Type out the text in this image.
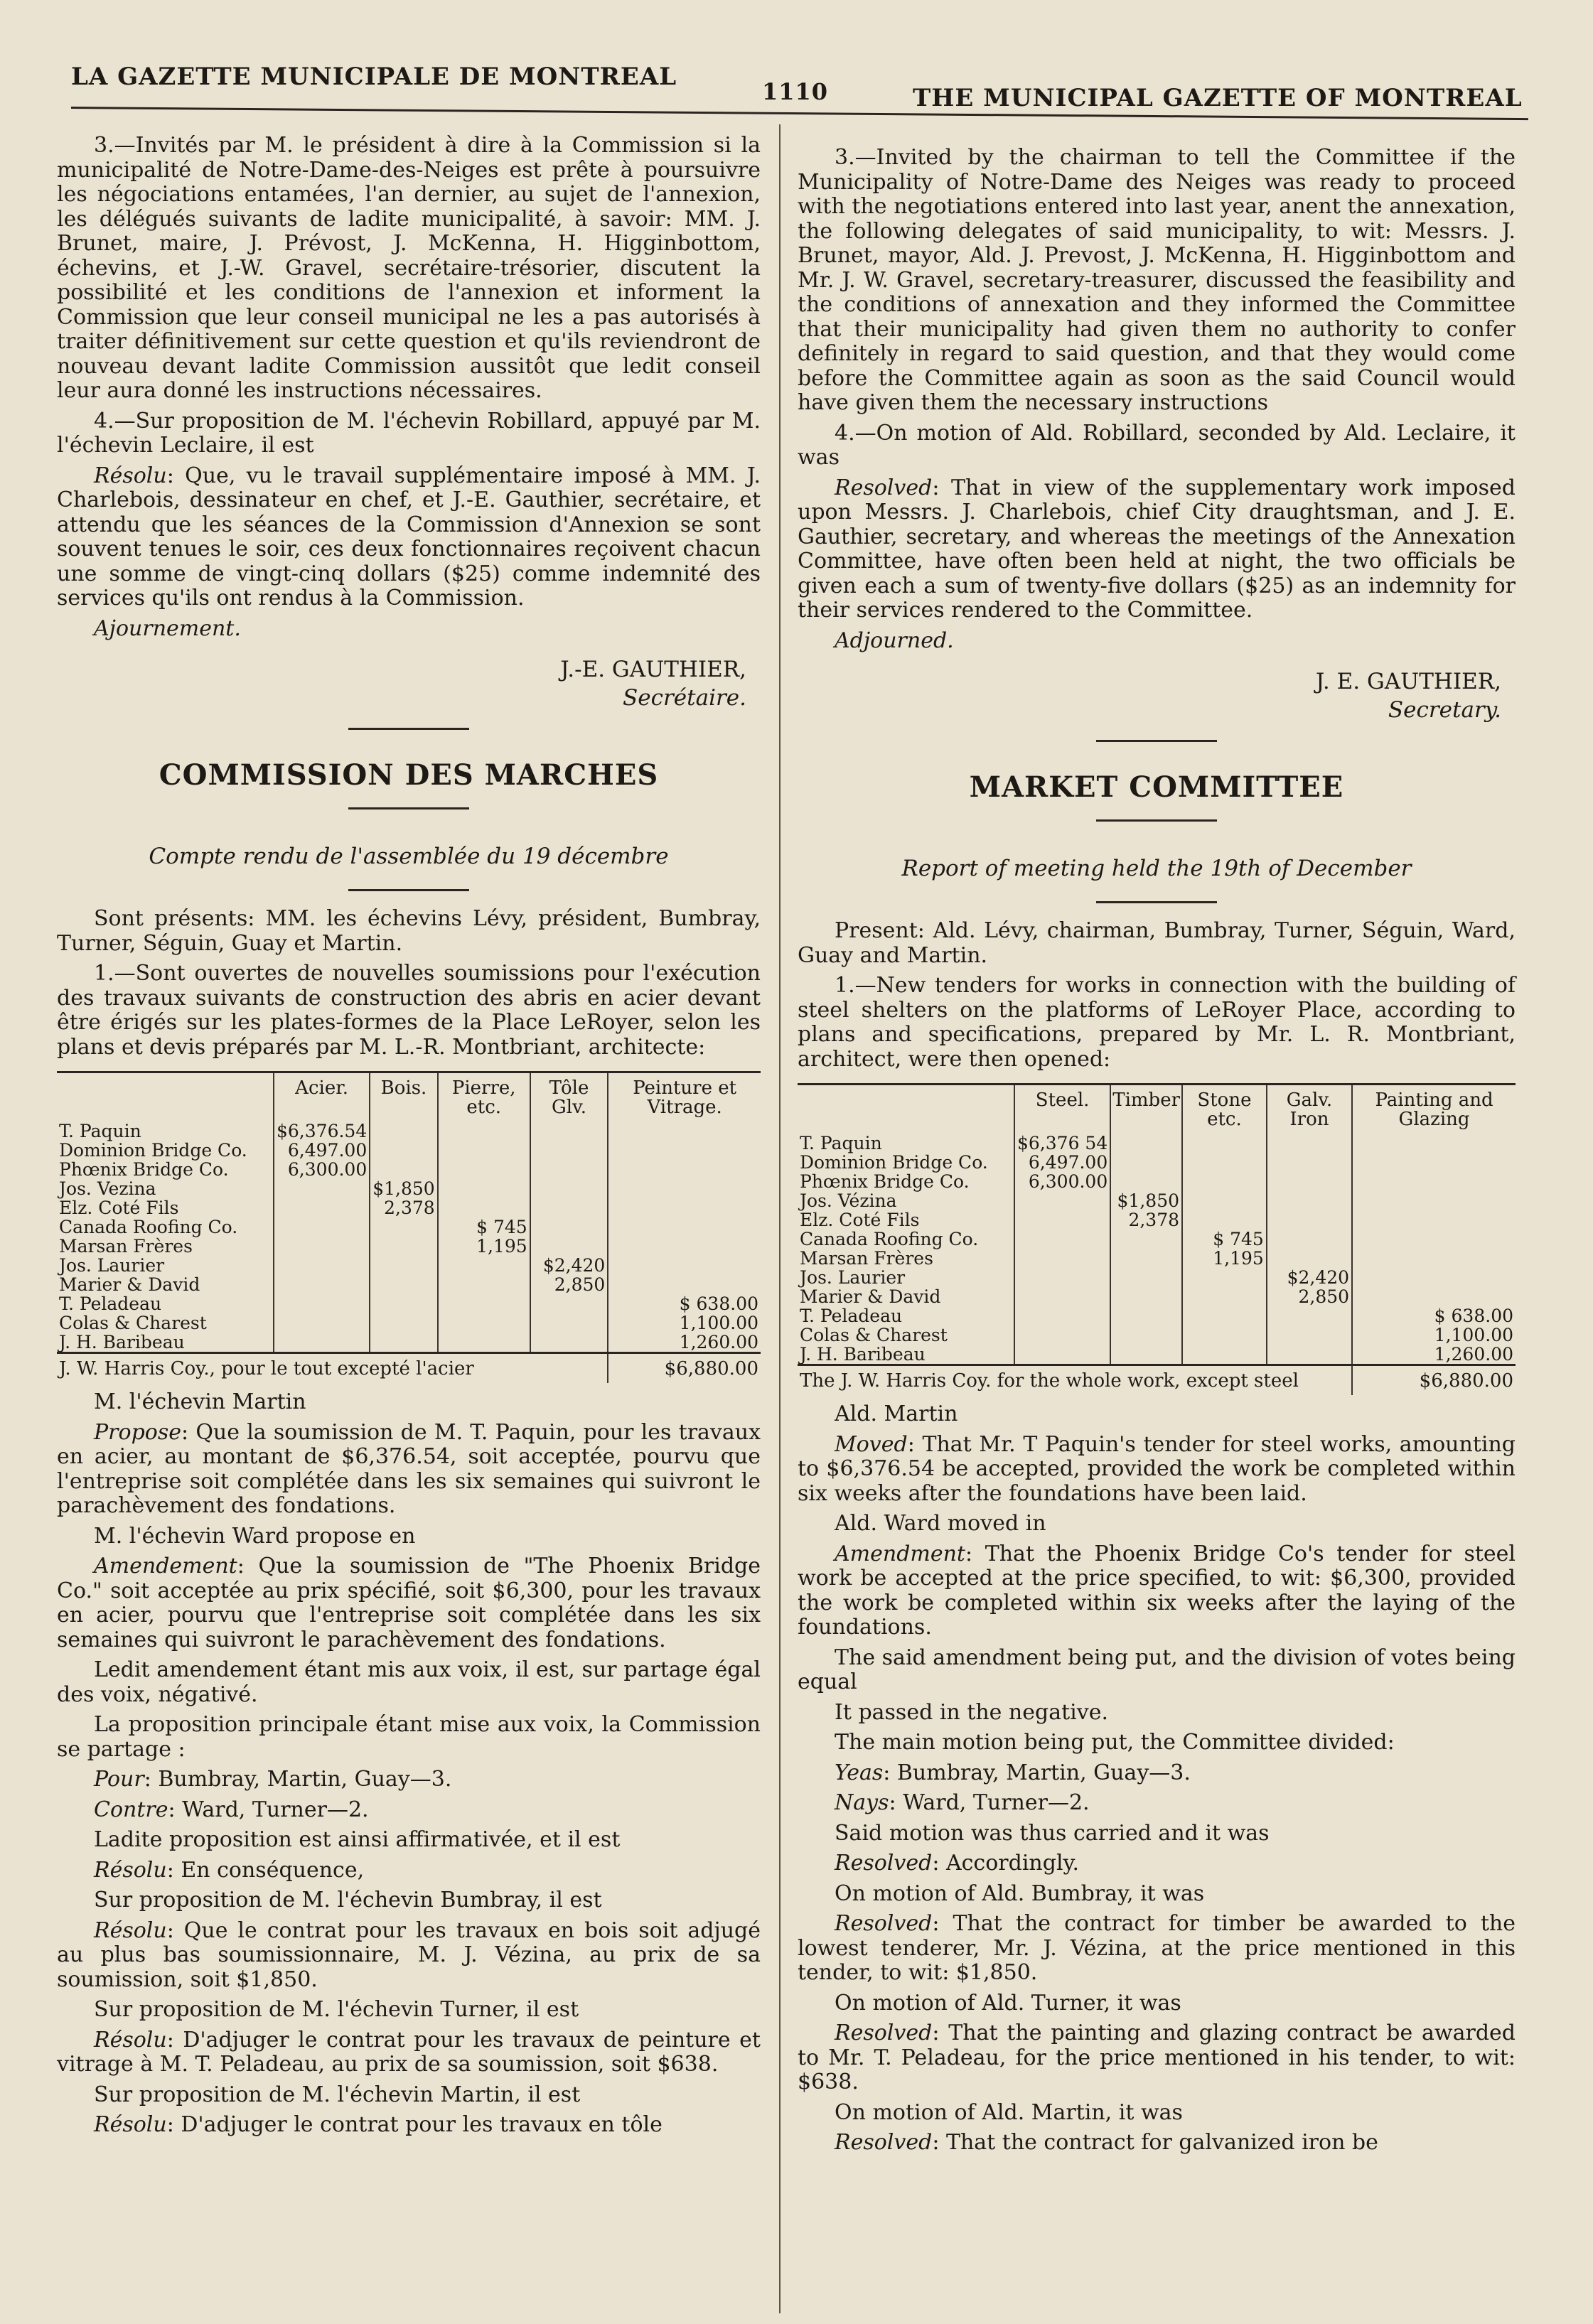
LA GAZETTE MUNICIPALE DE MONTREAL
1110	THE MUNICIPAL GAZETTE OF MONTREAL

3.—Invités par M. le président à dire à la Commission si la municipalité de Notre-Dame-des-Neiges est prête à poursuivre les négociations entamées, l'an dernier, au sujet de l'annexion, les délégués suivants de ladite municipalité, à savoir: MM. J. Brunet, maire, J. Prévost, J. McKenna, H. Higginbottom, échevins, et J.-W. Gravel, secrétaire-trésorier, discutent la possibilité et les conditions de l'annexion et informent la Commission que leur conseil municipal ne les a pas autorisés à traiter définitivement sur cette question et qu'ils reviendront de nouveau devant ladite Commission aussitôt que ledit conseil leur aura donné les instructions nécessaires.

4.—Sur proposition de M. l'échevin Robillard, appuyé par M. l'échevin Leclaire, il est

Résolu: Que, vu le travail supplémentaire imposé à MM. J. Charlebois, dessinateur en chef, et J.-E. Gauthier, secrétaire, et attendu que les séances de la Commission d'Annexion se sont souvent tenues le soir, ces deux fonctionnaires reçoivent chacun une somme de vingt-cinq dollars ($25) comme indemnité des services qu'ils ont rendus à la Commission.

Ajournement.

J.-E. GAUTHIER,
Secrétaire.
COMMISSION DES MARCHES
Compte rendu de l'assemblée du 19 décembre

Sont présents: MM. les échevins Lévy, président, Bumbray, Turner, Séguin, Guay et Martin.

1.—Sont ouvertes de nouvelles soumissions pour l'exécution des travaux suivants de construction des abris en acier devant être érigés sur les plates-formes de la Place LeRoyer, selon les plans et devis préparés par M. L.-R. Montbriant, architecte:

	Acier.	Bois.	Pierre, etc.	Tôle Glv.	Peinture et Vitrage.
T. Paquin	$6,376.54				
Dominion Bridge Co.	6,497.00				
Phœnix Bridge Co.	6,300.00				
Jos. Vezina		$1,850			
Elz. Coté Fils		2,378			
Canada Roofing Co.			$ 745		
Marsan Frères			1,195		
Jos. Laurier				$2,420	
Marier & David				2,850	
T. Peladeau					$ 638.00
Colas & Charest					1,100.00
J. H. Baribeau					1,260.00
J. W. Harris Coy., pour le tout excepté l'acier					$6,880.00

M. l'échevin Martin

Propose: Que la soumission de M. T. Paquin, pour les travaux en acier, au montant de $6,376.54, soit acceptée, pourvu que l'entreprise soit complétée dans les six semaines qui suivront le parachèvement des fondations.

M. l'échevin Ward propose en

Amendement: Que la soumission de "The Phoenix Bridge Co." soit acceptée au prix spécifié, soit $6,300, pour les travaux en acier, pourvu que l'entreprise soit complétée dans les six semaines qui suivront le parachèvement des fondations.

Ledit amendement étant mis aux voix, il est, sur partage égal des voix, négativé.

La proposition principale étant mise aux voix, la Commission se partage :

Pour: Bumbray, Martin, Guay—3.

Contre: Ward, Turner—2.

Ladite proposition est ainsi affirmativée, et il est

Résolu: En conséquence,

Sur proposition de M. l'échevin Bumbray, il est

Résolu: Que le contrat pour les travaux en bois soit adjugé au plus bas soumissionnaire, M. J. Vézina, au prix de sa soumission, soit $1,850.

Sur proposition de M. l'échevin Turner, il est

Résolu: D'adjuger le contrat pour les travaux de peinture et vitrage à M. T. Peladeau, au prix de sa soumission, soit $638.

Sur proposition de M. l'échevin Martin, il est

Résolu: D'adjuger le contrat pour les travaux en tôle

3.—Invited by the chairman to tell the Committee if the Municipality of Notre-Dame des Neiges was ready to proceed with the negotiations entered into last year, anent the annexation, the following delegates of said municipality, to wit: Messrs. J. Brunet, mayor, Ald. J. Prevost, J. McKenna, H. Higginbottom and Mr. J. W. Gravel, secretary-treasurer, discussed the feasibility and the conditions of annexation and they informed the Committee that their municipality had given them no authority to confer definitely in regard to said question, and that they would come before the Committee again as soon as the said Council would have given them the necessary instructions

4.—On motion of Ald. Robillard, seconded by Ald. Leclaire, it was

Resolved: That in view of the supplementary work imposed upon Messrs. J. Charlebois, chief City draughtsman, and J. E. Gauthier, secretary, and whereas the meetings of the Annexation Committee, have often been held at night, the two officials be given each a sum of twenty-five dollars ($25) as an indemnity for their services rendered to the Committee.

Adjourned.

J. E. GAUTHIER,
Secretary.
MARKET COMMITTEE
Report of meeting held the 19th of December

Present: Ald. Lévy, chairman, Bumbray, Turner, Séguin, Ward, Guay and Martin.

1.—New tenders for works in connection with the building of steel shelters on the platforms of LeRoyer Place, according to plans and specifications, prepared by Mr. L. R. Montbriant, architect, were then opened:

	Steel.	Timber	Stone etc.	Galv. Iron	Painting and Glazing
T. Paquin	$6,376 54				
Dominion Bridge Co.	6,497.00				
Phœnix Bridge Co.	6,300.00				
Jos. Vézina		$1,850			
Elz. Coté Fils		2,378			
Canada Roofing Co.			$ 745		
Marsan Frères			1,195		
Jos. Laurier				$2,420	
Marier & David				2,850	
T. Peladeau					$ 638.00
Colas & Charest					1,100.00
J. H. Baribeau					1,260.00
The J. W. Harris Coy. for the whole work, except steel					$6,880.00

Ald. Martin

Moved: That Mr. T Paquin's tender for steel works, amounting to $6,376.54 be accepted, provided the work be completed within six weeks after the foundations have been laid.

Ald. Ward moved in

Amendment: That the Phoenix Bridge Co's tender for steel work be accepted at the price specified, to wit: $6,300, provided the work be completed within six weeks after the laying of the foundations.

The said amendment being put, and the division of votes being equal

It passed in the negative.

The main motion being put, the Committee divided:

Yeas: Bumbray, Martin, Guay—3.

Nays: Ward, Turner—2.

Said motion was thus carried and it was

Resolved: Accordingly.

On motion of Ald. Bumbray, it was

Resolved: That the contract for timber be awarded to the lowest tenderer, Mr. J. Vézina, at the price mentioned in this tender, to wit: $1,850.

On motion of Ald. Turner, it was

Resolved: That the painting and glazing contract be awarded to Mr. T. Peladeau, for the price mentioned in his tender, to wit: $638.

On motion of Ald. Martin, it was

Resolved: That the contract for galvanized iron be
